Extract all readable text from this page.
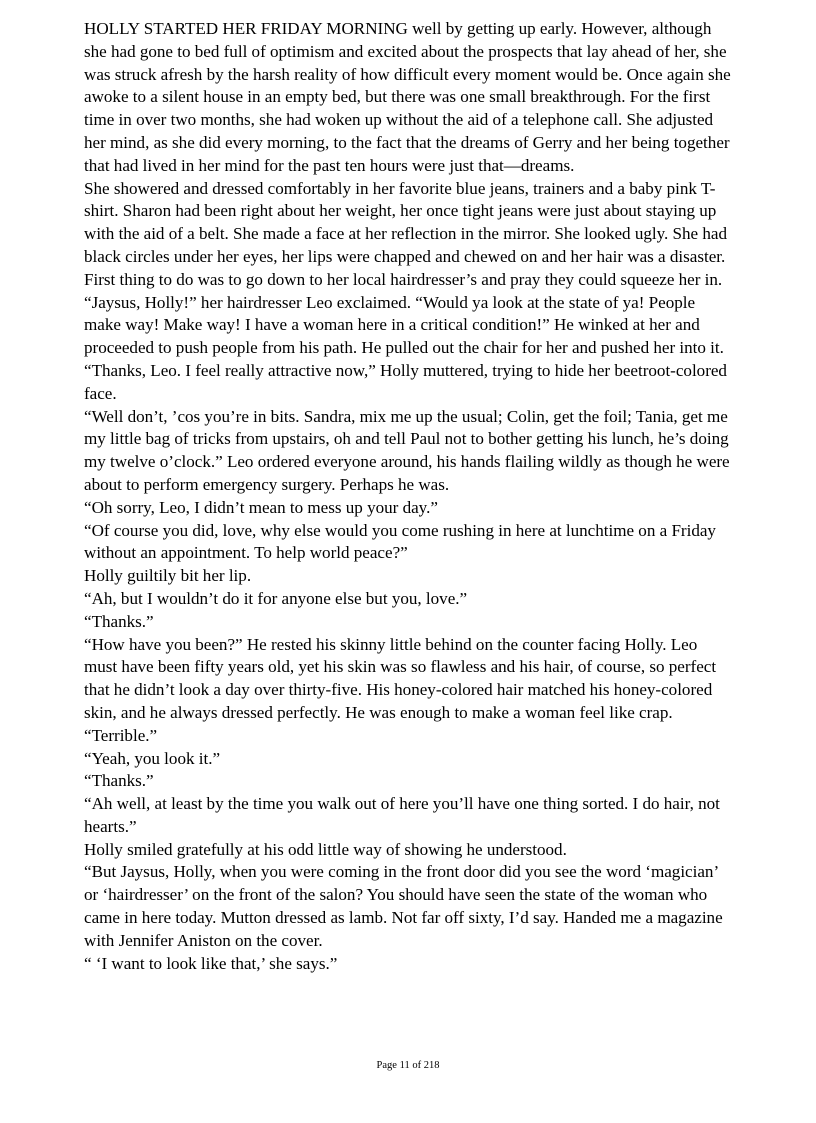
HOLLY STARTED HER FRIDAY MORNING well by getting up early. However, although she had gone to bed full of optimism and excited about the prospects that lay ahead of her, she was struck afresh by the harsh reality of how difficult every moment would be. Once again she awoke to a silent house in an empty bed, but there was one small breakthrough. For the first time in over two months, she had woken up without the aid of a telephone call. She adjusted her mind, as she did every morning, to the fact that the dreams of Gerry and her being together that had lived in her mind for the past ten hours were just that—dreams.

She showered and dressed comfortably in her favorite blue jeans, trainers and a baby pink T-shirt. Sharon had been right about her weight, her once tight jeans were just about staying up with the aid of a belt. She made a face at her reflection in the mirror. She looked ugly. She had black circles under her eyes, her lips were chapped and chewed on and her hair was a disaster. First thing to do was to go down to her local hairdresser’s and pray they could squeeze her in.

“Jaysus, Holly!” her hairdresser Leo exclaimed. “Would ya look at the state of ya! People make way! Make way! I have a woman here in a critical condition!” He winked at her and proceeded to push people from his path. He pulled out the chair for her and pushed her into it.

“Thanks, Leo. I feel really attractive now,” Holly muttered, trying to hide her beetroot-colored face.

“Well don’t, ’cos you’re in bits. Sandra, mix me up the usual; Colin, get the foil; Tania, get me my little bag of tricks from upstairs, oh and tell Paul not to bother getting his lunch, he’s doing my twelve o’clock.” Leo ordered everyone around, his hands flailing wildly as though he were about to perform emergency surgery. Perhaps he was.

“Oh sorry, Leo, I didn’t mean to mess up your day.”

“Of course you did, love, why else would you come rushing in here at lunchtime on a Friday without an appointment. To help world peace?”

Holly guiltily bit her lip.

“Ah, but I wouldn’t do it for anyone else but you, love.”

“Thanks.”

“How have you been?” He rested his skinny little behind on the counter facing Holly. Leo must have been fifty years old, yet his skin was so flawless and his hair, of course, so perfect that he didn’t look a day over thirty-five. His honey-colored hair matched his honey-colored skin, and he always dressed perfectly. He was enough to make a woman feel like crap.

“Terrible.”

“Yeah, you look it.”

“Thanks.”

“Ah well, at least by the time you walk out of here you’ll have one thing sorted. I do hair, not hearts.”

Holly smiled gratefully at his odd little way of showing he understood.

“But Jaysus, Holly, when you were coming in the front door did you see the word ‘magician’ or ‘hairdresser’ on the front of the salon? You should have seen the state of the woman who came in here today. Mutton dressed as lamb. Not far off sixty, I’d say. Handed me a magazine with Jennifer Aniston on the cover.

“ ‘I want to look like that,’ she says.”

Page 11 of 218
